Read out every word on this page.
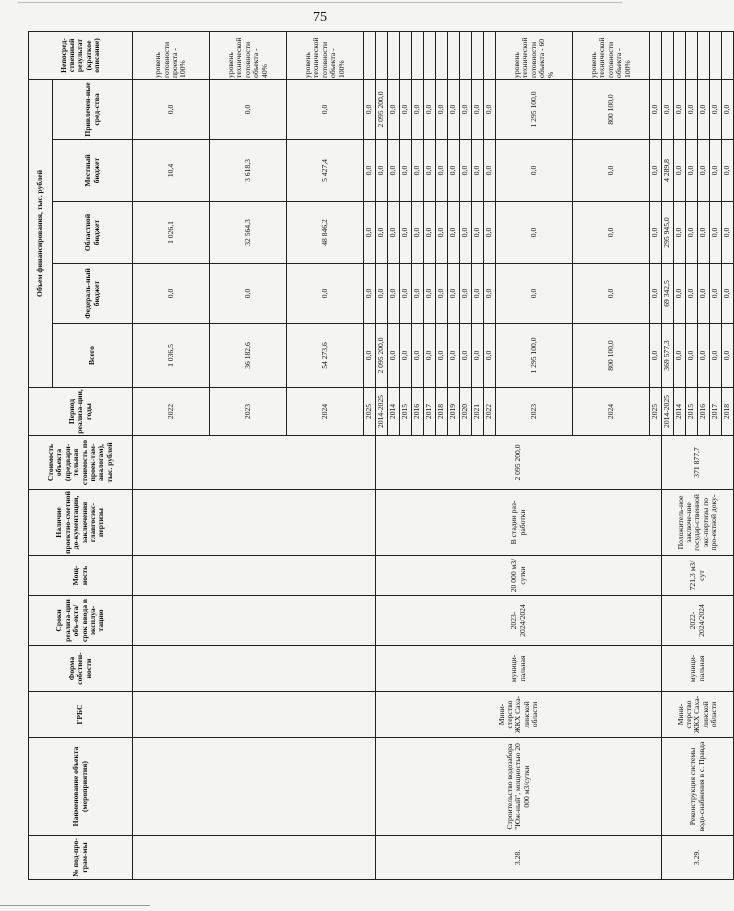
75
№ под-про-грам-мы	Наименование объекта (мероприятия)	ГРБС	Форма собствен-ности	Сроки реализа-ции объ-екта/срок ввода в эксплуа-тацию	Мощ-ность	Наличие проектно-сметной до-кументации, заключения главгосэкс-пертизы	Стоимость объекта (предвари-тельная стоимость по проек-там-аналогам), тыс. рублей	Период реализа-ции, годы	Объем финансирования, тыс. рублей					Непосред-ственный результат (краткое описание)
									Всего	Федераль-ный бюджет	Областной бюджет	Местный бюджет	Привлечен-ные сред-ства	
								2022	1 036,5	0,0	1 026,1	10,4	0,0	уровень готовности проекта - 100%
								2023	36 182,6	0,0	32 564,3	3 618,3	0,0	уровень технической готовности объекта - 40%
								2024	54 273,6	0,0	48 846,2	5 427,4	0,0	уровень технической готовности объекта - 100%
								2025	0,0	0,0	0,0	0,0	0,0	
3.28.	Строительство водозабора "Юж-ный", мощностью 20 000 м3/сутки	Мини-стерство ЖКХ Саха-линской области	муници-пальная	2023-2024/2024	20 000 м3/сутки	В стадии раз-работки	2 095 200,0	2014-2025	2 095 200,0	0,0	0,0	0,0	2 095 200,0	
								2014	0,0	0,0	0,0	0,0	0,0	
								2015	0,0	0,0	0,0	0,0	0,0	
								2016	0,0	0,0	0,0	0,0	0,0	
								2017	0,0	0,0	0,0	0,0	0,0	
								2018	0,0	0,0	0,0	0,0	0,0	
								2019	0,0	0,0	0,0	0,0	0,0	
								2020	0,0	0,0	0,0	0,0	0,0	
								2021	0,0	0,0	0,0	0,0	0,0	
								2022	0,0	0,0	0,0	0,0	0,0	
								2023	1 295 100,0	0,0	0,0	0,0	1 295 100,0	уровень технической готовности объекта - 60 %
								2024	800 100,0	0,0	0,0	0,0	800 100,0	уровень технической готовности объекта - 100%
								2025	0,0	0,0	0,0	0,0	0,0	
3.29.	Реконструкция системы водо-снабжения в с. Правда	Мини-стерство ЖКХ Саха-линской области	муници-пальная	2022-2024/2024	721,3 м3/сут	Положитель-ное заключе-ние государ-ственной экс-пертизы по про-ектной доку-	371 877,7	2014-2025	369 577,3	69 342,5	295 945,0	4 289,8	0,0	
								2014	0,0	0,0	0,0	0,0	0,0	
								2015	0,0	0,0	0,0	0,0	0,0	
								2016	0,0	0,0	0,0	0,0	0,0	
								2017	0,0	0,0	0,0	0,0	0,0	
								2018	0,0	0,0	0,0	0,0	0,0	
